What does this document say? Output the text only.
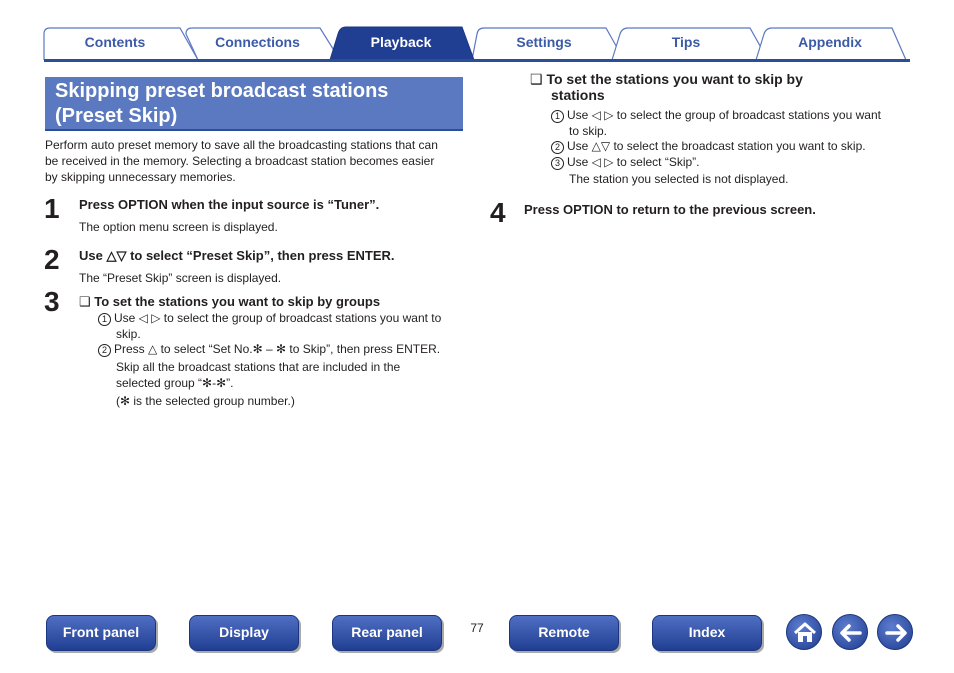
Contents	Connections	Playback	Settings	Tips	Appendix
Skipping preset broadcast stations
(Preset Skip)
Perform auto preset memory to save all the broadcasting stations that can
be received in the memory. Selecting a broadcast station becomes easier
by skipping unnecessary memories.
1 Press OPTION when the input source is “Tuner”.
The option menu screen is displayed.
2 Use △▽ to select “Preset Skip”, then press ENTER.
The “Preset Skip” screen is displayed.
3 ❑ To set the stations you want to skip by groups
1 Use ◁ ▷ to select the group of broadcast stations you want to
skip.
2 Press △ to select “Set No.✻ – ✻ to Skip”, then press ENTER.
Skip all the broadcast stations that are included in the
selected group “✻-✻”.
(✻ is the selected group number.)
❑ To set the stations you want to skip by
stations
1 Use ◁ ▷ to select the group of broadcast stations you want
to skip.
2 Use △▽ to select the broadcast station you want to skip.
3 Use ◁ ▷ to select “Skip”.
The station you selected is not displayed.
4 Press OPTION to return to the previous screen.
Front panel	Display	Rear panel	77	Remote	Index
